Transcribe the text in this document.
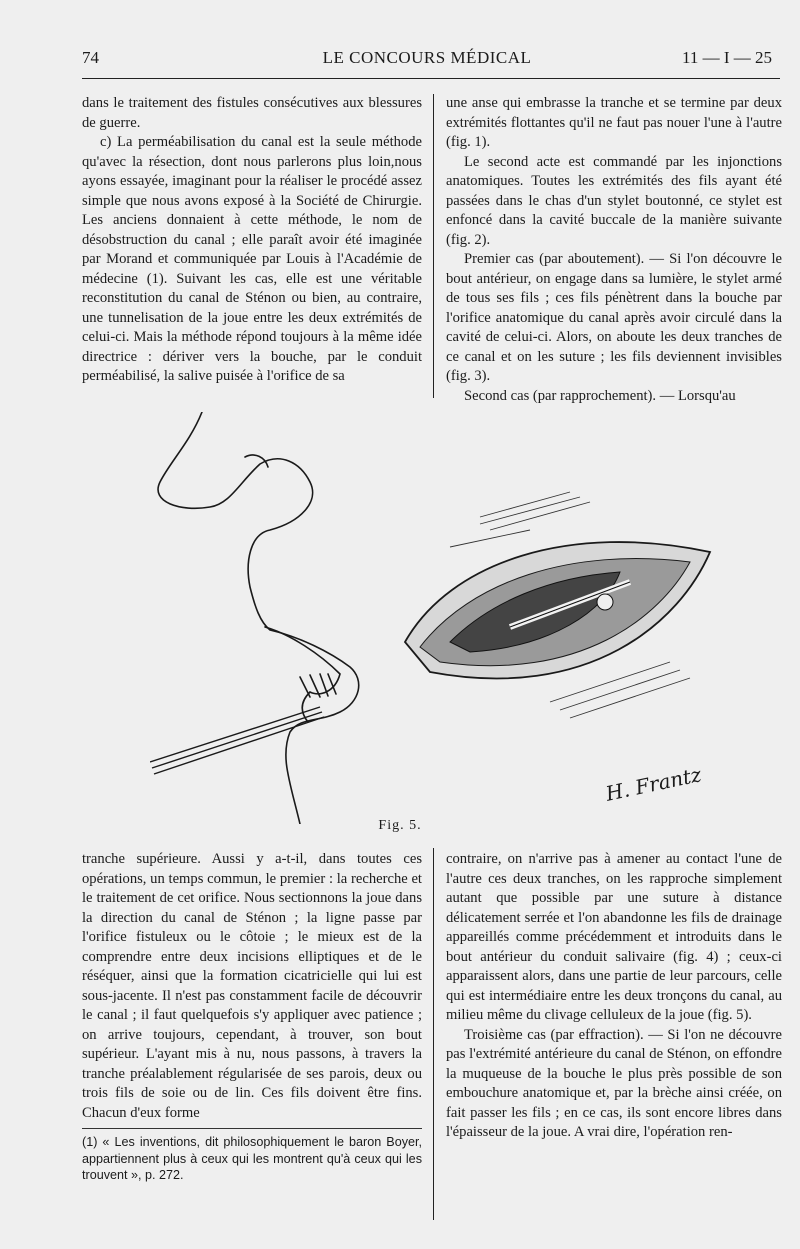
74	LE CONCOURS MÉDICAL	11 — I — 25

dans le traitement des fistules consécutives aux blessures de guerre.

c) La perméabilisation du canal est la seule méthode qu'avec la résection, dont nous parlerons plus loin,nous ayons essayée, imaginant pour la réaliser le procédé assez simple que nous avons exposé à la Société de Chirurgie. Les anciens donnaient à cette méthode, le nom de désobstruction du canal ; elle paraît avoir été imaginée par Morand et communiquée par Louis à l'Académie de médecine (1). Suivant les cas, elle est une véritable reconstitution du canal de Sténon ou bien, au contraire, une tunnelisation de la joue entre les deux extrémités de celui-ci. Mais la méthode répond toujours à la même idée directrice : dériver vers la bouche, par le conduit perméabilisé, la salive puisée à l'orifice de sa

une anse qui embrasse la tranche et se termine par deux extrémités flottantes qu'il ne faut pas nouer l'une à l'autre (fig. 1).

Le second acte est commandé par les injonctions anatomiques. Toutes les extrémités des fils ayant été passées dans le chas d'un stylet boutonné, ce stylet est enfoncé dans la cavité buccale de la manière suivante (fig. 2).

Premier cas (par aboutement). — Si l'on découvre le bout antérieur, on engage dans sa lumière, le stylet armé de tous ses fils ; ces fils pénètrent dans la bouche par l'orifice anatomique du canal après avoir circulé dans la cavité de celui-ci. Alors, on aboute les deux tranches de ce canal et on les suture ; les fils deviennent invisibles (fig. 3).

Second cas (par rapprochement). — Lorsqu'au

H. Frantz
Fig. 5.

tranche supérieure. Aussi y a-t-il, dans toutes ces opérations, un temps commun, le premier : la recherche et le traitement de cet orifice. Nous sectionnons la joue dans la direction du canal de Sténon ; la ligne passe par l'orifice fistuleux ou le côtoie ; le mieux est de la comprendre entre deux incisions elliptiques et de le réséquer, ainsi que la formation cicatricielle qui lui est sous-jacente. Il n'est pas constamment facile de découvrir le canal ; il faut quelquefois s'y appliquer avec patience ; on arrive toujours, cependant, à trouver, son bout supérieur. L'ayant mis à nu, nous passons, à travers la tranche préalablement régularisée de ses parois, deux ou trois fils de soie ou de lin. Ces fils doivent être fins. Chacun d'eux forme

(1) « Les inventions, dit philosophiquement le baron Boyer, appartiennent plus à ceux qui les montrent qu'à ceux qui les trouvent », p. 272.

contraire, on n'arrive pas à amener au contact l'une de l'autre ces deux tranches, on les rapproche simplement autant que possible par une suture à distance délicatement serrée et l'on abandonne les fils de drainage appareillés comme précédemment et introduits dans le bout antérieur du conduit salivaire (fig. 4) ; ceux-ci apparaissent alors, dans une partie de leur parcours, celle qui est intermédiaire entre les deux tronçons du canal, au milieu même du clivage celluleux de la joue (fig. 5).

Troisième cas (par effraction). — Si l'on ne découvre pas l'extrémité antérieure du canal de Sténon, on effondre la muqueuse de la bouche le plus près possible de son embouchure anatomique et, par la brèche ainsi créée, on fait passer les fils ; en ce cas, ils sont encore libres dans l'épaisseur de la joue. A vrai dire, l'opération ren-
